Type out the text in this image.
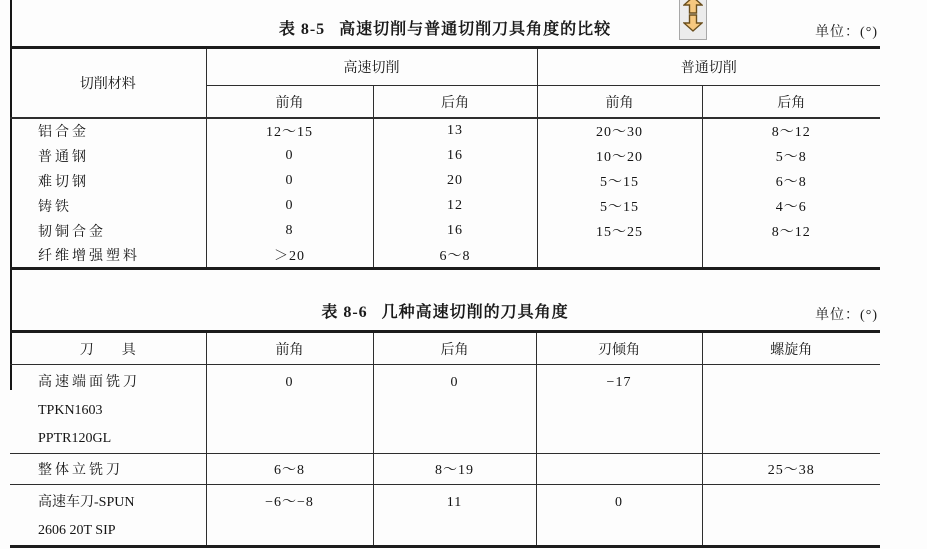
表 8-5 高速切削与普通切削刀具角度的比较	单位：(°)
切削材料	高速切削		普通切削	
	前角	后角	前角	后角
铝合金	12～15	13	20～30	8～12
普通钢	0	16	10～20	5～8
难切钢	0	20	5～15	6～8
铸铁	0	12	5～15	4～6
韧铜合金	8	16	15～25	8～12
纤维增强塑料	＞20	6～8		
表 8-6 几种高速切削的刀具角度	单位：(°)
刀　　具	前角	后角	刃倾角	螺旋角

高速端面铣刀
TPKN1603
PPTR120GL	0	0	−17	
整体立铣刀	6～8	8～19		25～38

高速车刀-SPUN
2606 20T SIP	−6～−8	11	0	
